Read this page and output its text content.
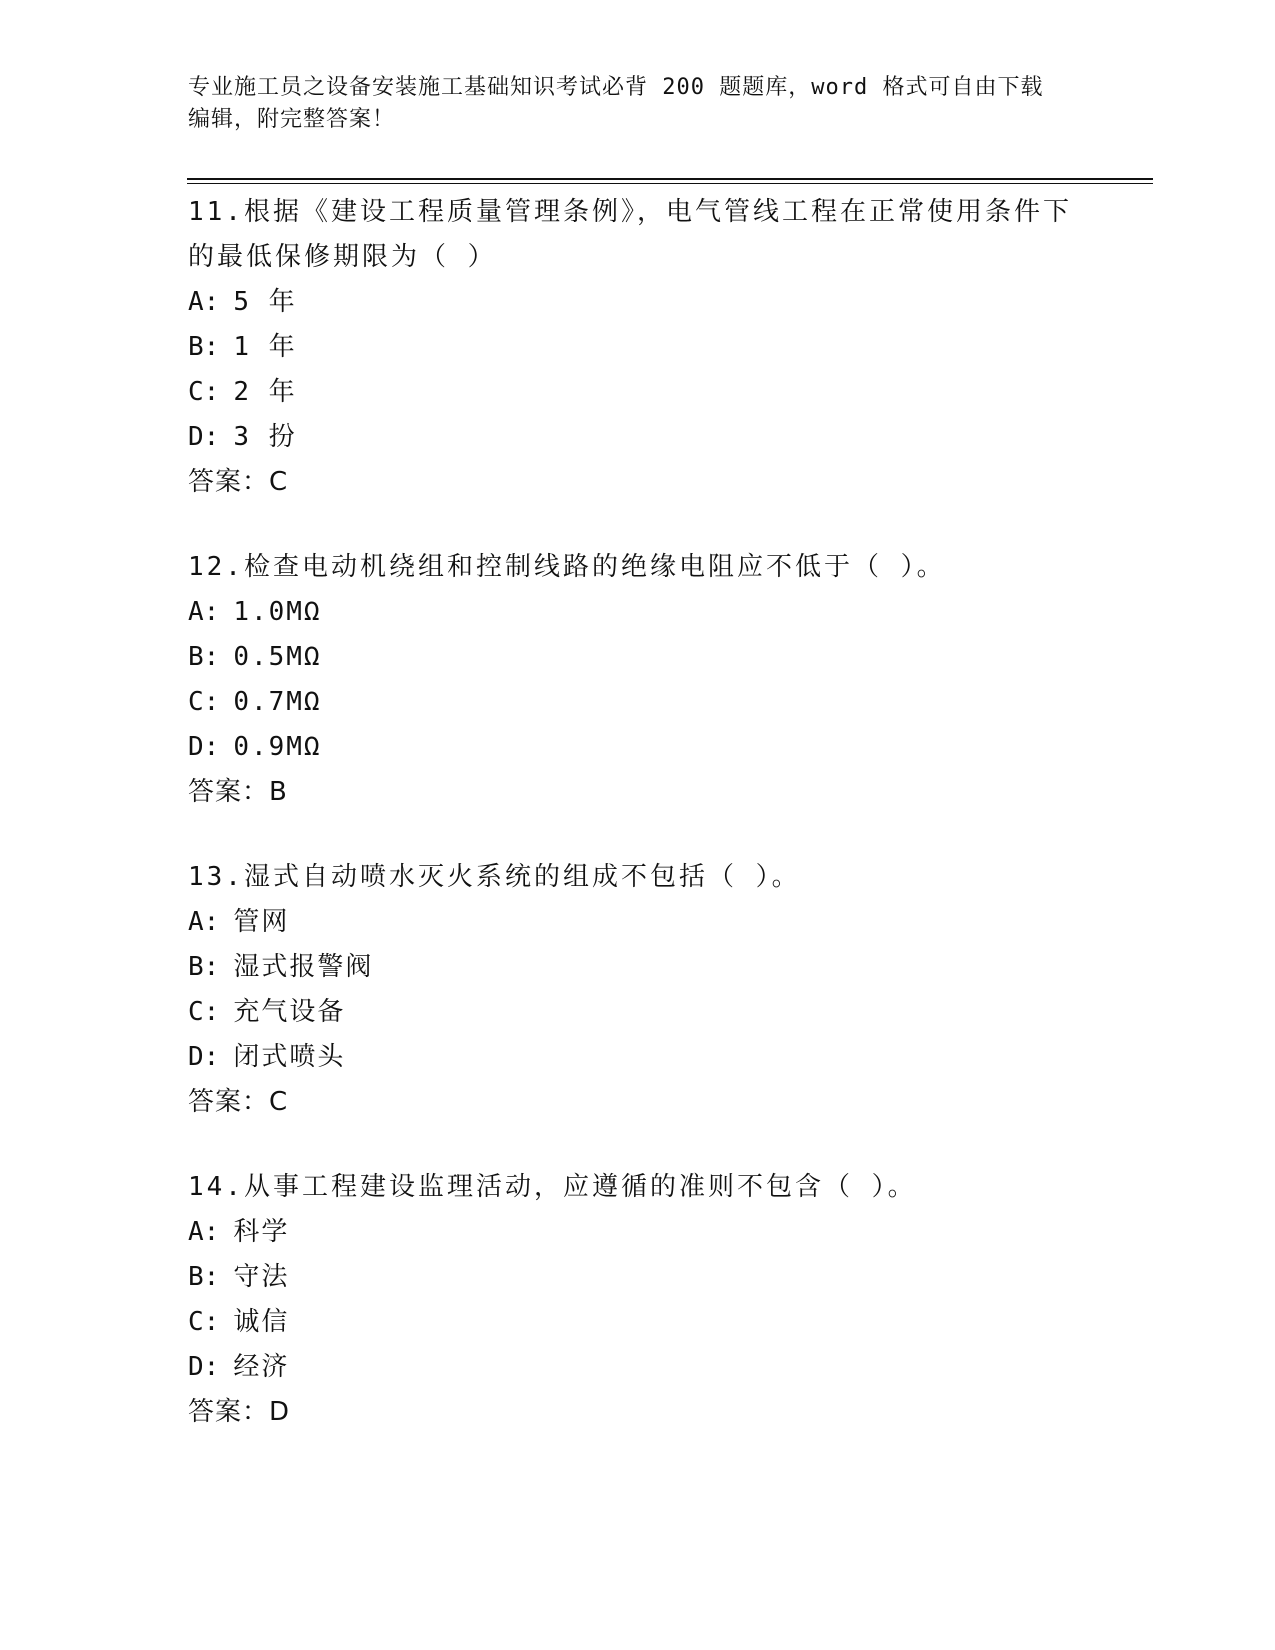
专业施工员之设备安装施工基础知识考试必背 200 题题库，word 格式可自由下载
编辑，附完整答案！
11.根据《建设工程质量管理条例》，电气管线工程在正常使用条件下
的最低保修期限为（ ）
A: 5 年
B: 1 年
C: 2 年
D: 3 扮
答案：C
12.检查电动机绕组和控制线路的绝缘电阻应不低于（ ）。
A: 1.0MΩ
B: 0.5MΩ
C: 0.7MΩ
D: 0.9MΩ
答案：B
13.湿式自动喷水灭火系统的组成不包括（ ）。
A: 管网
B: 湿式报警阀
C: 充气设备
D: 闭式喷头
答案：C
14.从事工程建设监理活动，应遵循的准则不包含（ ）。
A: 科学
B: 守法
C: 诚信
D: 经济
答案：D
